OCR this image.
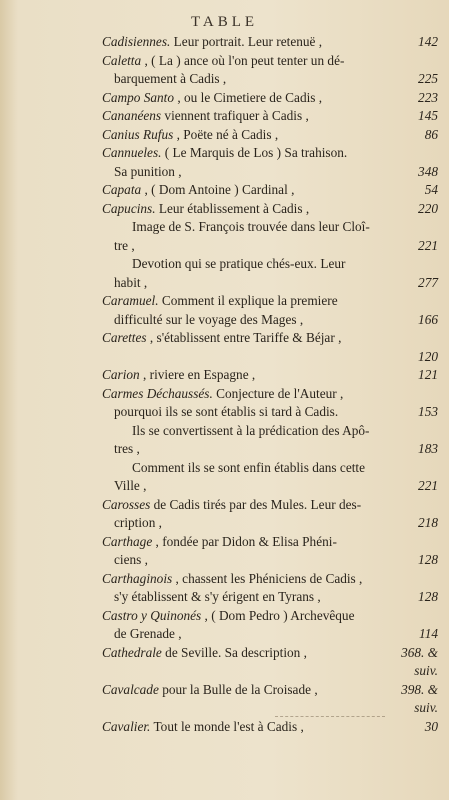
TABLE
Cadisiennes. Leur portrait. Leur retenuë ,	142
Caletta , ( La ) ance où l'on peut tenter un dé-
barquement à Cadis ,	225
Campo Santo , ou le Cimetiere de Cadis ,	223
Cananéens viennent trafiquer à Cadis ,	145
Canius Rufus , Poëte né à Cadis ,	86
Cannueles. ( Le Marquis de Los ) Sa trahison.
Sa punition ,	348
Capata , ( Dom Antoine ) Cardinal ,	54
Capucins. Leur établissement à Cadis ,	220
Image de S. François trouvée dans leur Cloî-
tre ,	221
Devotion qui se pratique chés-eux. Leur
habit ,	277
Caramuel. Comment il explique la premiere
difficulté sur le voyage des Mages ,	166
Carettes , s'établissent entre Tariffe & Béjar ,
120
Carion , riviere en Espagne ,	121
Carmes Déchaussés. Conjecture de l'Auteur ,
pourquoi ils se sont établis si tard à Cadis.	153
Ils se convertissent à la prédication des Apô-
tres ,	183
Comment ils se sont enfin établis dans cette
Ville ,	221
Carosses de Cadis tirés par des Mules. Leur des-
cription ,	218
Carthage , fondée par Didon & Elisa Phéni-
ciens ,	128
Carthaginois , chassent les Phéniciens de Cadis ,
s'y établissent & s'y érigent en Tyrans ,	128
Castro y Quinonés , ( Dom Pedro ) Archevêque
de Grenade ,	114
Cathedrale de Seville. Sa description ,	368. &
suiv.
Cavalcade pour la Bulle de la Croisade ,	398. &
suiv.
Cavalier. Tout le monde l'est à Cadis ,	30
